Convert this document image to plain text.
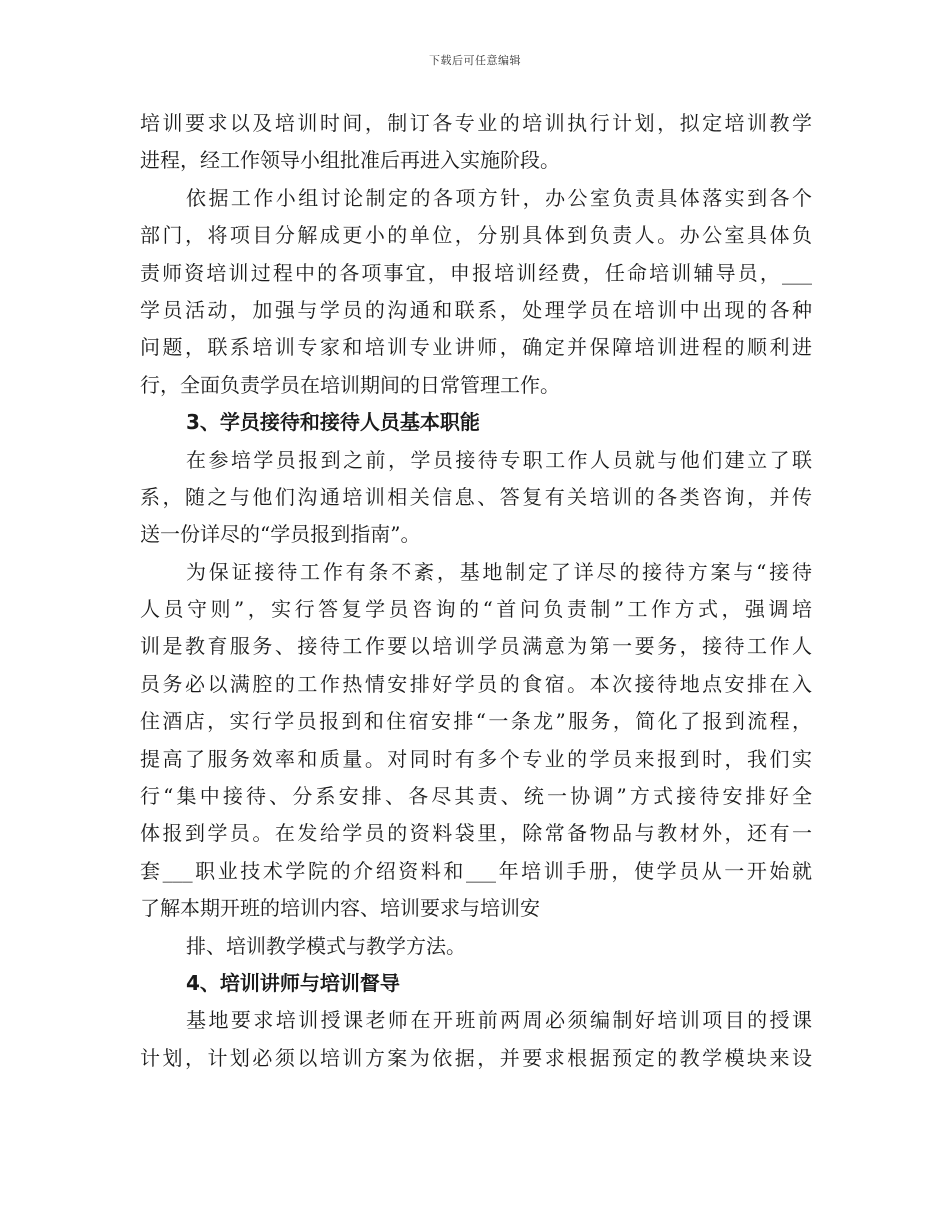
下载后可任意编辑
培训要求以及培训时间，制订各专业的培训执行计划，拟定培训教学
进程，经工作领导小组批准后再进入实施阶段。
依据工作小组讨论制定的各项方针，办公室负责具体落实到各个
部门，将项目分解成更小的单位，分别具体到负责人。办公室具体负
责师资培训过程中的各项事宜，申报培训经费，任命培训辅导员，___
学员活动，加强与学员的沟通和联系，处理学员在培训中出现的各种
问题，联系培训专家和培训专业讲师，确定并保障培训进程的顺利进
行，全面负责学员在培训期间的日常管理工作。
3、学员接待和接待人员基本职能
在参培学员报到之前，学员接待专职工作人员就与他们建立了联
系，随之与他们沟通培训相关信息、答复有关培训的各类咨询，并传
送一份详尽的“学员报到指南”。
为保证接待工作有条不紊，基地制定了详尽的接待方案与“接待
人员守则”，实行答复学员咨询的“首问负责制”工作方式，强调培
训是教育服务、接待工作要以培训学员满意为第一要务，接待工作人
员务必以满腔的工作热情安排好学员的食宿。本次接待地点安排在入
住酒店，实行学员报到和住宿安排“一条龙”服务，简化了报到流程，
提高了服务效率和质量。对同时有多个专业的学员来报到时，我们实
行“集中接待、分系安排、各尽其责、统一协调”方式接待安排好全
体报到学员。在发给学员的资料袋里，除常备物品与教材外，还有一
套___职业技术学院的介绍资料和___年培训手册，使学员从一开始就
了解本期开班的培训内容、培训要求与培训安
排、培训教学模式与教学方法。
4、培训讲师与培训督导
基地要求培训授课老师在开班前两周必须编制好培训项目的授课
计划，计划必须以培训方案为依据，并要求根据预定的教学模块来设
